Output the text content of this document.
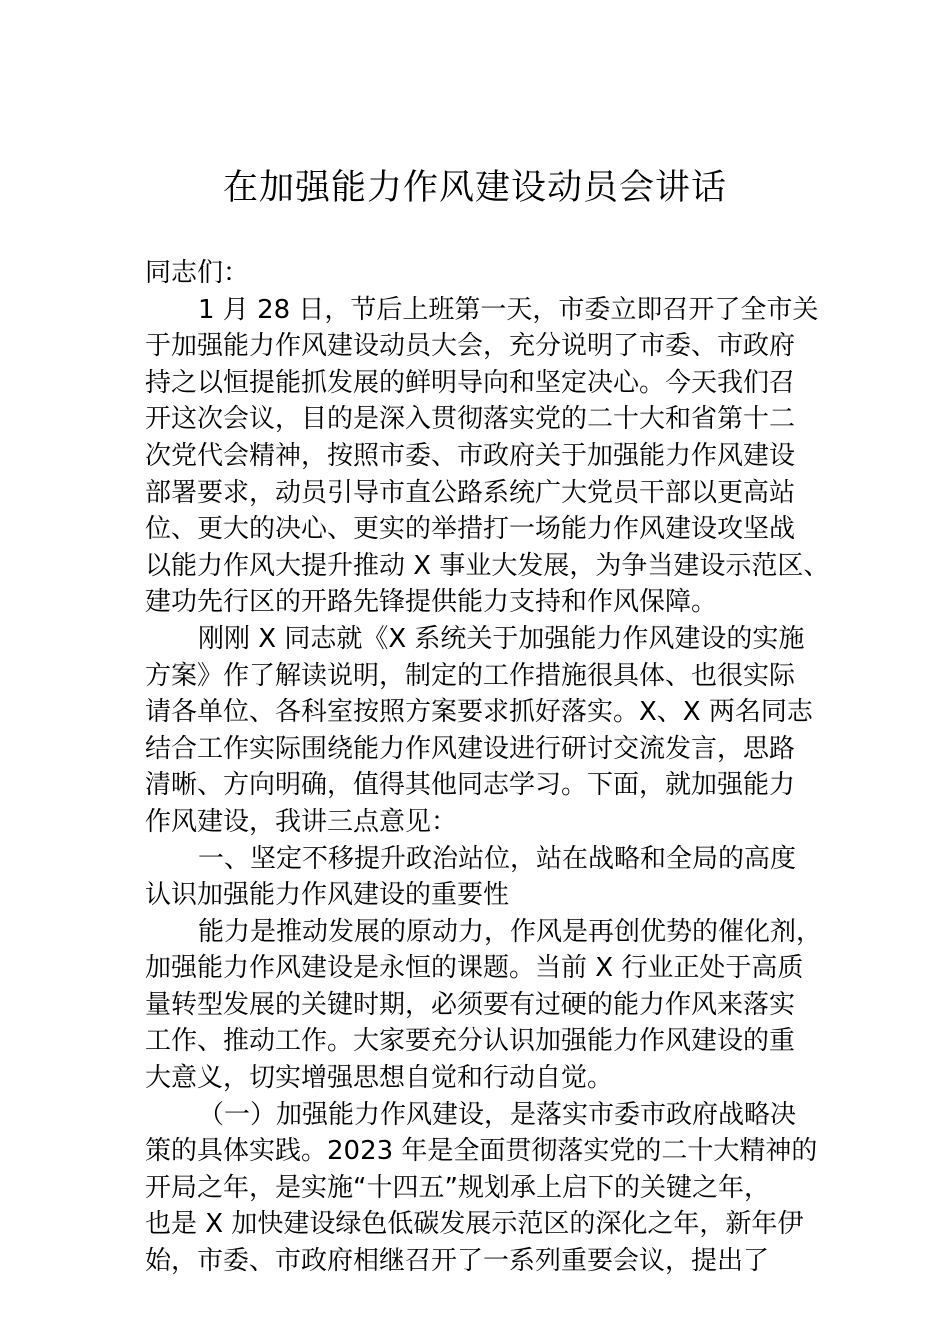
在加强能力作风建设动员会讲话
同志们：
1 月 28 日，节后上班第一天，市委立即召开了全市关
于加强能力作风建设动员大会，充分说明了市委、市政府
持之以恒提能抓发展的鲜明导向和坚定决心。今天我们召
开这次会议，目的是深入贯彻落实党的二十大和省第十二
次党代会精神，按照市委、市政府关于加强能力作风建设
部署要求，动员引导市直公路系统广大党员干部以更高站
位、更大的决心、更实的举措打一场能力作风建设攻坚战
以能力作风大提升推动 X 事业大发展，为争当建设示范区、
建功先行区的开路先锋提供能力支持和作风保障。
刚刚 X 同志就《X 系统关于加强能力作风建设的实施
方案》作了解读说明，制定的工作措施很具体、也很实际
请各单位、各科室按照方案要求抓好落实。X、X 两名同志
结合工作实际围绕能力作风建设进行研讨交流发言，思路
清晰、方向明确，值得其他同志学习。下面，就加强能力
作风建设，我讲三点意见：
一、坚定不移提升政治站位，站在战略和全局的高度
认识加强能力作风建设的重要性
能力是推动发展的原动力，作风是再创优势的催化剂，
加强能力作风建设是永恒的课题。当前 X 行业正处于高质
量转型发展的关键时期，必须要有过硬的能力作风来落实
工作、推动工作。大家要充分认识加强能力作风建设的重
大意义，切实增强思想自觉和行动自觉。
（一）加强能力作风建设，是落实市委市政府战略决
策的具体实践。2023 年是全面贯彻落实党的二十大精神的
开局之年，是实施“十四五”规划承上启下的关键之年，
也是 X 加快建设绿色低碳发展示范区的深化之年，新年伊
始，市委、市政府相继召开了一系列重要会议，提出了
